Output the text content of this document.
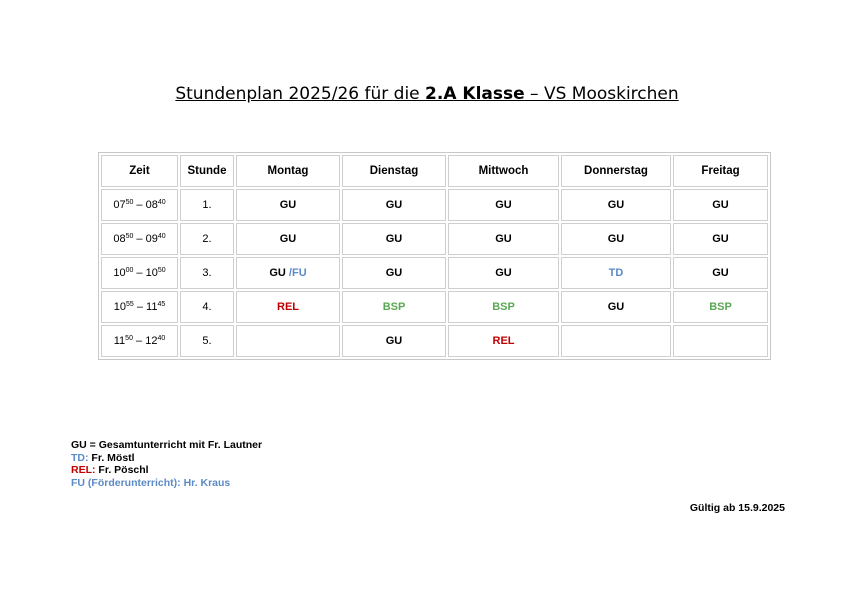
Stundenplan 2025/26 für die 2.A Klasse – VS Mooskirchen
Zeit	Stunde	Montag	Dienstag	Mittwoch	Donnerstag	Freitag
$07^{50} - 08^{40}$	1.	GU	GU	GU	GU	GU
$08^{50} - 09^{40}$	2.	GU	GU	GU	GU	GU
$10^{00} - 10^{50}$	3.	GU /FU	GU	GU	TD	GU
$10^{55} - 11^{45}$	4.	REL	BSP	BSP	GU	BSP
$11^{50} - 12^{40}$	5.		GU	REL		
GU = Gesamtunterricht mit Fr. Lautner
TD: Fr. Möstl
REL: Fr. Pöschl
FU (Förderunterricht): Hr. Kraus
Gültig ab 15.9.2025
